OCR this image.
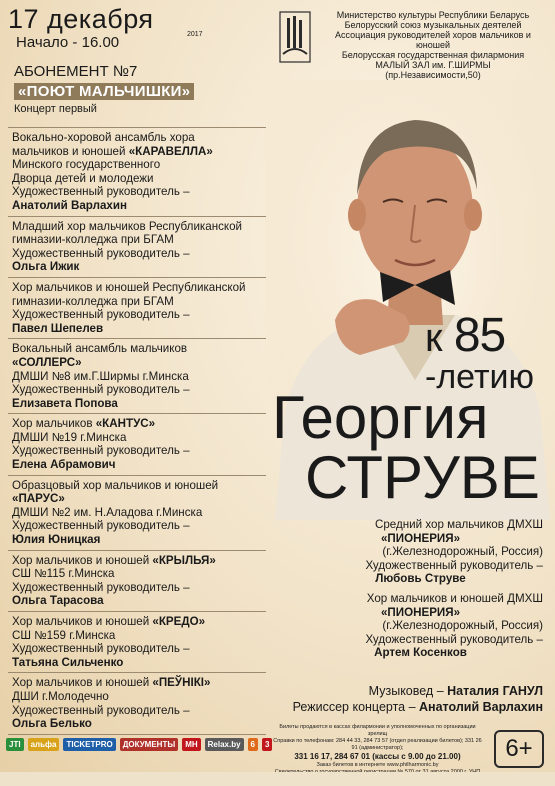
17 декабря
2017
Начало - 16.00
АБОНЕМЕНТ №7
«ПОЮТ МАЛЬЧИШКИ»
Концерт первый
Министерство культуры Республики Беларусь
Белорусский союз музыкальных деятелей
Ассоциация руководителей хоров мальчиков и юношей
Белорусская государственная филармония
МАЛЫЙ ЗАЛ им. Г.ШИРМЫ
(пр.Независимости,50)
Вокально-хоровой ансамбль хора
мальчиков и юношей «КАРАВЕЛЛА»
Минского государственного
Дворца детей и молодежи
Художественный руководитель –
Анатолий Варлахин
Младший хор мальчиков Республиканской
гимназии-колледжа при БГАМ
Художественный руководитель –
Ольга Ижик
Хор мальчиков и юношей Республиканской
гимназии-колледжа при БГАМ
Художественный руководитель –
Павел Шепелев
Вокальный ансамбль мальчиков
«СОЛЛЕРС»
ДМШИ №8 им.Г.Ширмы г.Минска
Художественный руководитель –
Елизавета Попова
Хор мальчиков «КАНТУС»
ДМШИ №19 г.Минска
Художественный руководитель –
Елена Абрамович
Образцовый хор мальчиков и юношей
«ПАРУС»
ДМШИ №2 им. Н.Аладова г.Минска
Художественный руководитель –
Юлия Юницкая
Хор мальчиков и юношей «КРЫЛЬЯ»
СШ №115 г.Минска
Художественный руководитель –
Ольга Тарасова
Хор мальчиков и юношей «КРЕДО»
СШ №159 г.Минска
Художественный руководитель –
Татьяна Сильченко
Хор мальчиков и юношей «ПЕЎНІКІ»
ДШИ г.Молодечно
Художественный руководитель –
Ольга Белько
к 85
-летию
Георгия
СТРУВЕ
Средний хор мальчиков ДМХШ
«ПИОНЕРИЯ»
(г.Железнодорожный, Россия)
Художественный руководитель –
Любовь Струве
Хор мальчиков и юношей ДМХШ
«ПИОНЕРИЯ»
(г.Железнодорожный, Россия)
Художественный руководитель –
Артем Косенков
Музыковед – Наталия ГАНУЛ
Режиссер концерта – Анатолий Варлахин
JTI	альфа	TICKETPRO	ДОКУМЕНТЫ	MH	Relax.by	6	3
Билеты продаются в кассах филармонии и уполномоченных по организации зрелищ
Справки по телефонам: 284 44 33, 284 73 57 (отдел реализации билетов); 331 26 91 (администратор);
331 16 17, 284 67 01 (кассы с 9.00 до 21.00)
Заказ билетов в интернете www.philharmonic.by
6+
